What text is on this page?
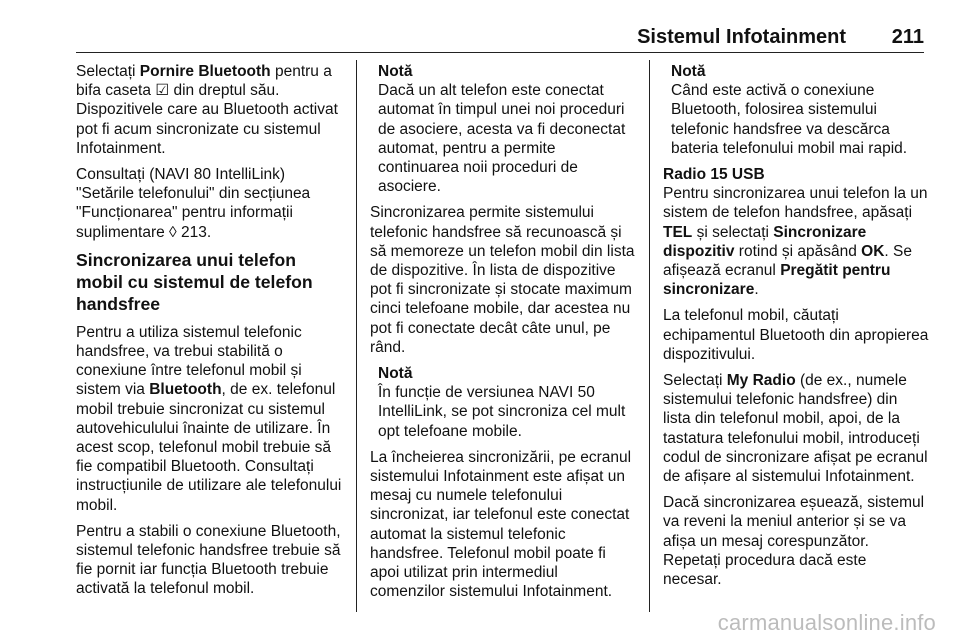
Sistemul Infotainment 211

Selectați Pornire Bluetooth pentru a bifa caseta ☑ din dreptul său. Dispozitivele care au Bluetooth activat pot fi acum sincronizate cu sistemul Infotainment.

Consultați (NAVI 80 IntelliLink) "Setările telefonului" din secțiunea "Funcționarea" pentru informații suplimentare ◊ 213.

Sincronizarea unui telefon mobil cu sistemul de telefon handsfree

Pentru a utiliza sistemul telefonic handsfree, va trebui stabilită o conexiune între telefonul mobil și sistem via Bluetooth, de ex. telefonul mobil trebuie sincronizat cu sistemul autovehiculului înainte de utilizare. În acest scop, telefonul mobil trebuie să fie compatibil Bluetooth. Consultați instrucțiunile de utilizare ale telefonului mobil.

Pentru a stabili o conexiune Bluetooth, sistemul telefonic handsfree trebuie să fie pornit iar funcția Bluetooth trebuie activată la telefonul mobil.

Notă
Dacă un alt telefon este conectat automat în timpul unei noi proceduri de asociere, acesta va fi deconectat automat, pentru a permite continuarea noii proceduri de asociere.

Sincronizarea permite sistemului telefonic handsfree să recunoască și să memoreze un telefon mobil din lista de dispozitive. În lista de dispozitive pot fi sincronizate și stocate maximum cinci telefoane mobile, dar acestea nu pot fi conectate decât câte unul, pe rând.

Notă
În funcție de versiunea NAVI 50 IntelliLink, se pot sincroniza cel mult opt telefoane mobile.

La încheierea sincronizării, pe ecranul sistemului Infotainment este afișat un mesaj cu numele telefonului sincronizat, iar telefonul este conectat automat la sistemul telefonic handsfree. Telefonul mobil poate fi apoi utilizat prin intermediul comenzilor sistemului Infotainment.

Notă
Când este activă o conexiune Bluetooth, folosirea sistemului telefonic handsfree va descărca bateria telefonului mobil mai rapid.
Radio 15 USB

Pentru sincronizarea unui telefon la un sistem de telefon handsfree, apăsați TEL și selectați Sincronizare dispozitiv rotind și apăsând OK. Se afișează ecranul Pregătit pentru sincronizare.

La telefonul mobil, căutați echipamentul Bluetooth din apropierea dispozitivului.

Selectați My Radio (de ex., numele sistemului telefonic handsfree) din lista din telefonul mobil, apoi, de la tastatura telefonului mobil, introduceți codul de sincronizare afișat pe ecranul de afișare al sistemului Infotainment.

Dacă sincronizarea eșuează, sistemul va reveni la meniul anterior și se va afișa un mesaj corespunzător. Repetați procedura dacă este necesar.

carmanualsonline.info
